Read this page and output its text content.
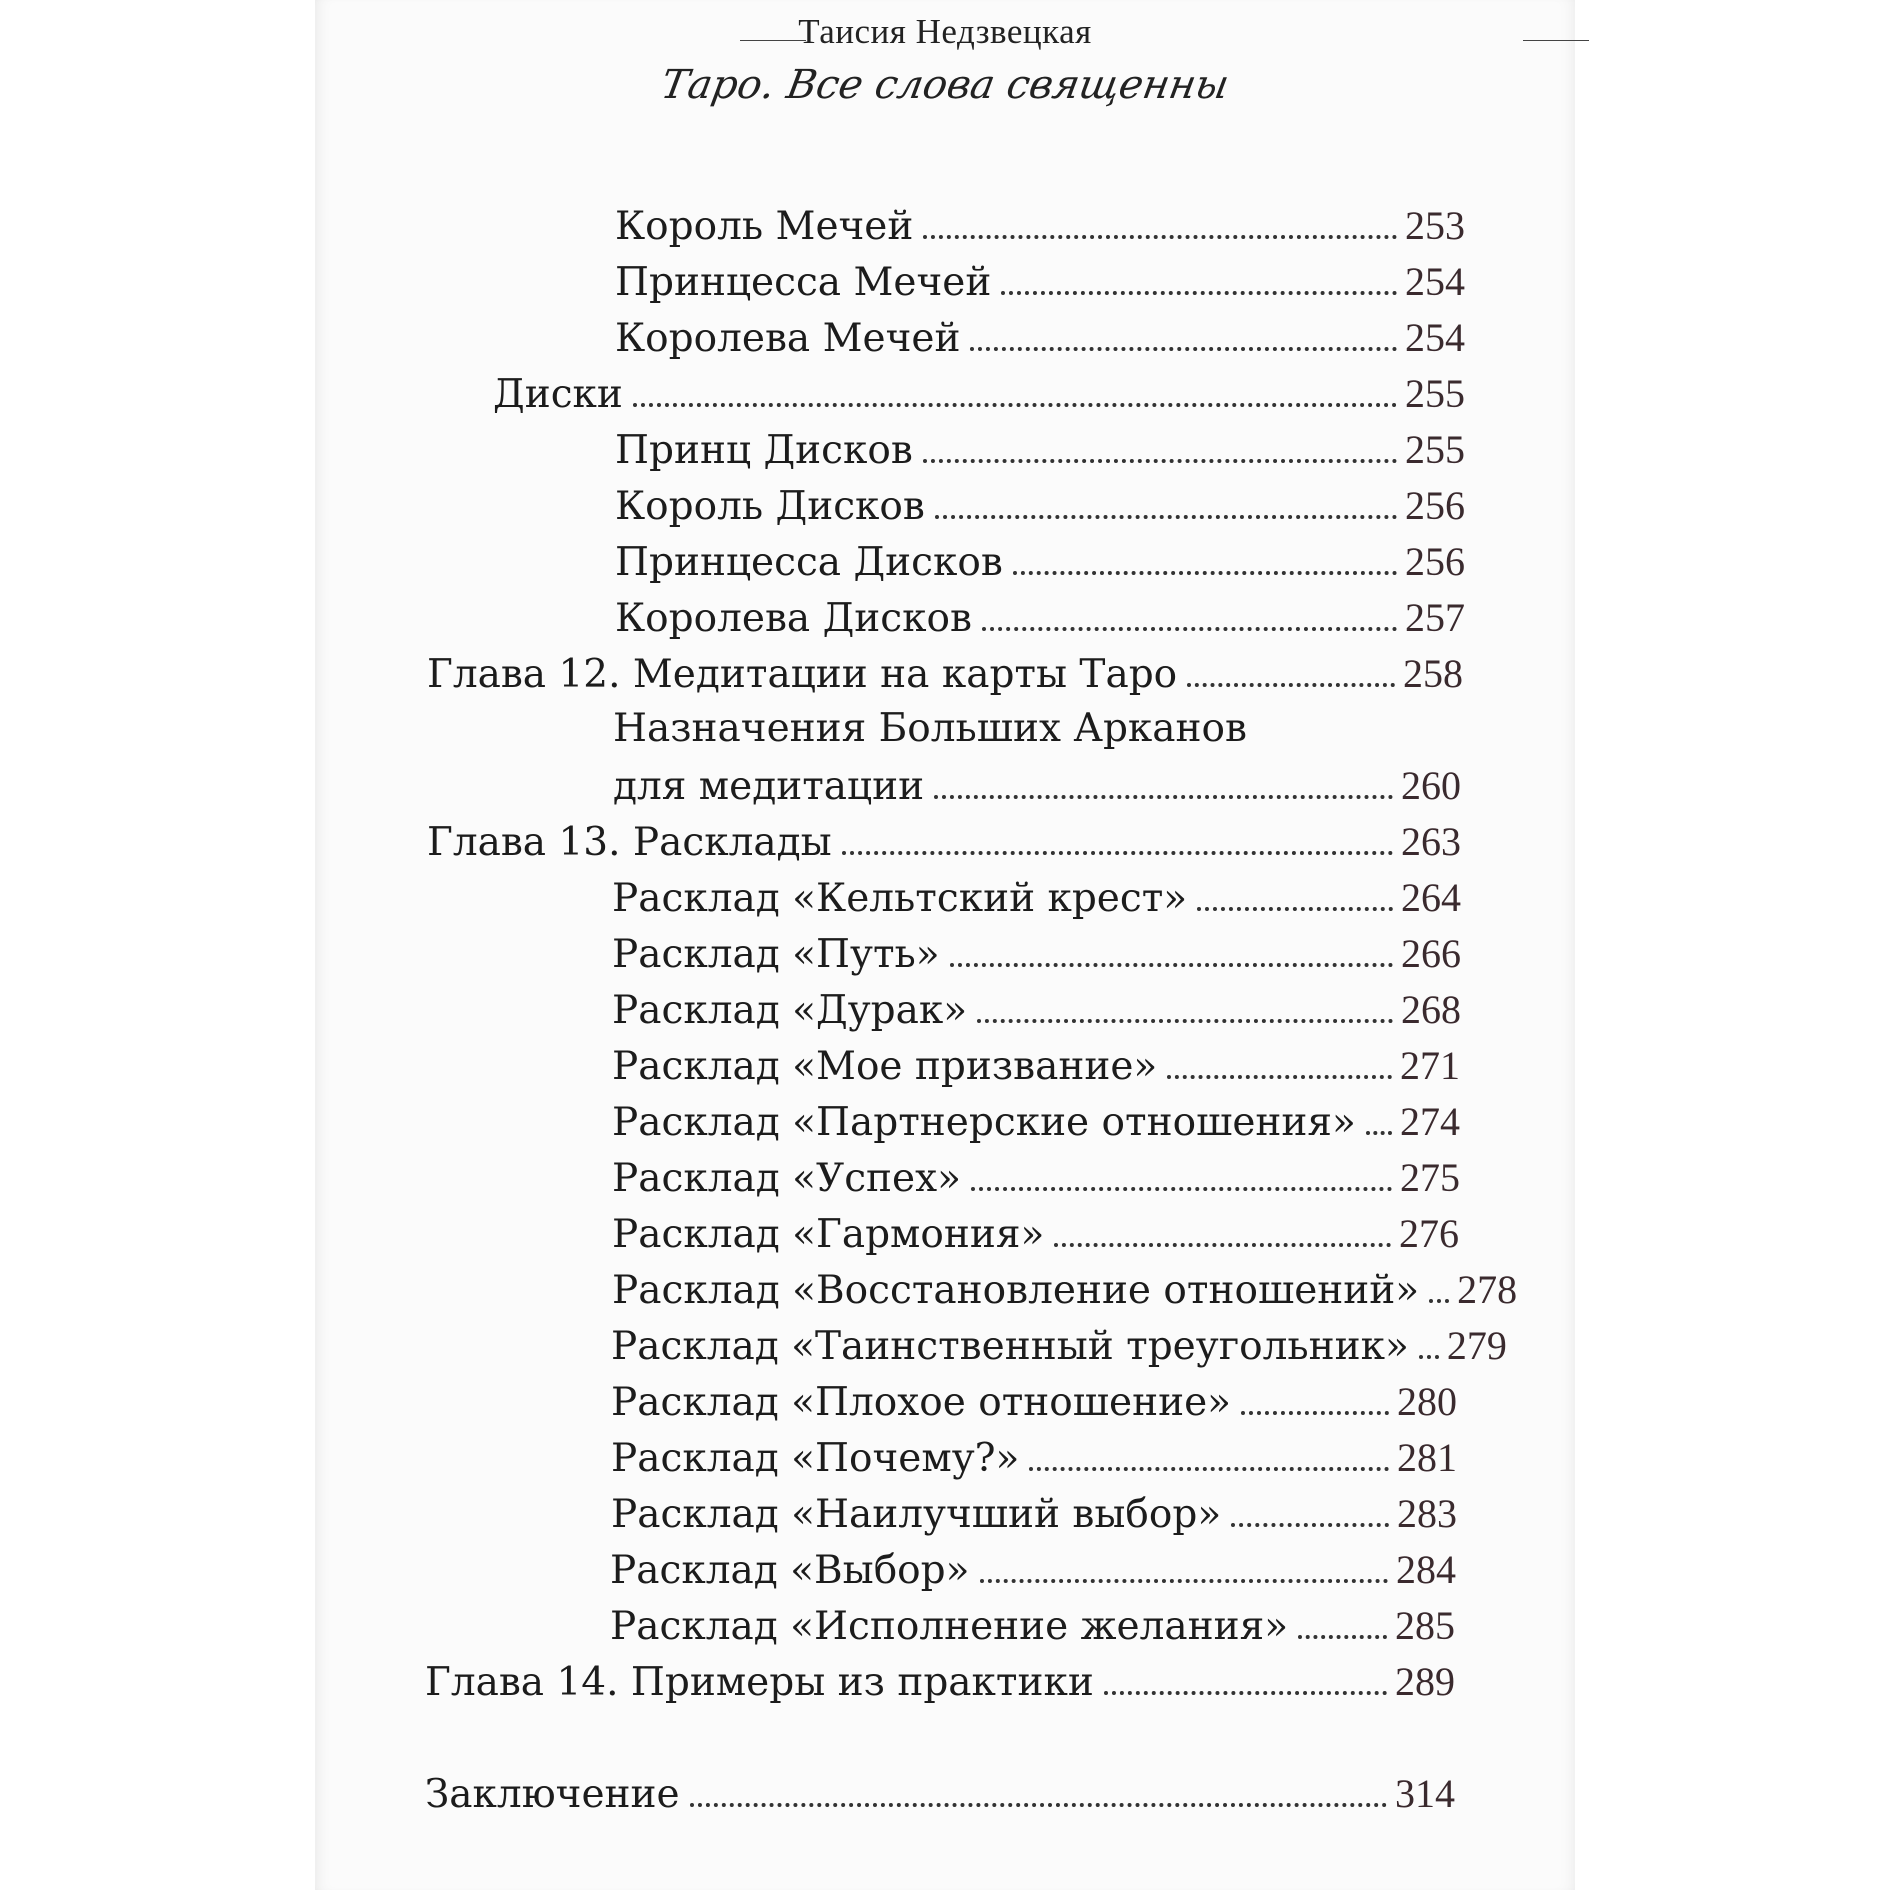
Таисия Недзвецкая
Таро. Все слова священны
Король Мечей	253
Принцесса Мечей	254
Королева Мечей	254
Диски	255
Принц Дисков	255
Король Дисков	256
Принцесса Дисков	256
Королева Дисков	257
Глава 12. Медитации на карты Таро	258
Назначения Больших Арканов
для медитации	260
Глава 13. Расклады	263
Расклад «Кельтский крест»	264
Расклад «Путь»	266
Расклад «Дурак»	268
Расклад «Мое призвание»	271
Расклад «Партнерские отношения» 274
Расклад «Успех»	275
Расклад «Гармония»	276
Расклад «Восстановление отношений» 278
Расклад «Таинственный треугольник» 279
Расклад «Плохое отношение»	280
Расклад «Почему?»	281
Расклад «Наилучший выбор»	283
Расклад «Выбор»	284
Расклад «Исполнение желания»	285
Глава 14. Примеры из практики	289
Заключение	314
